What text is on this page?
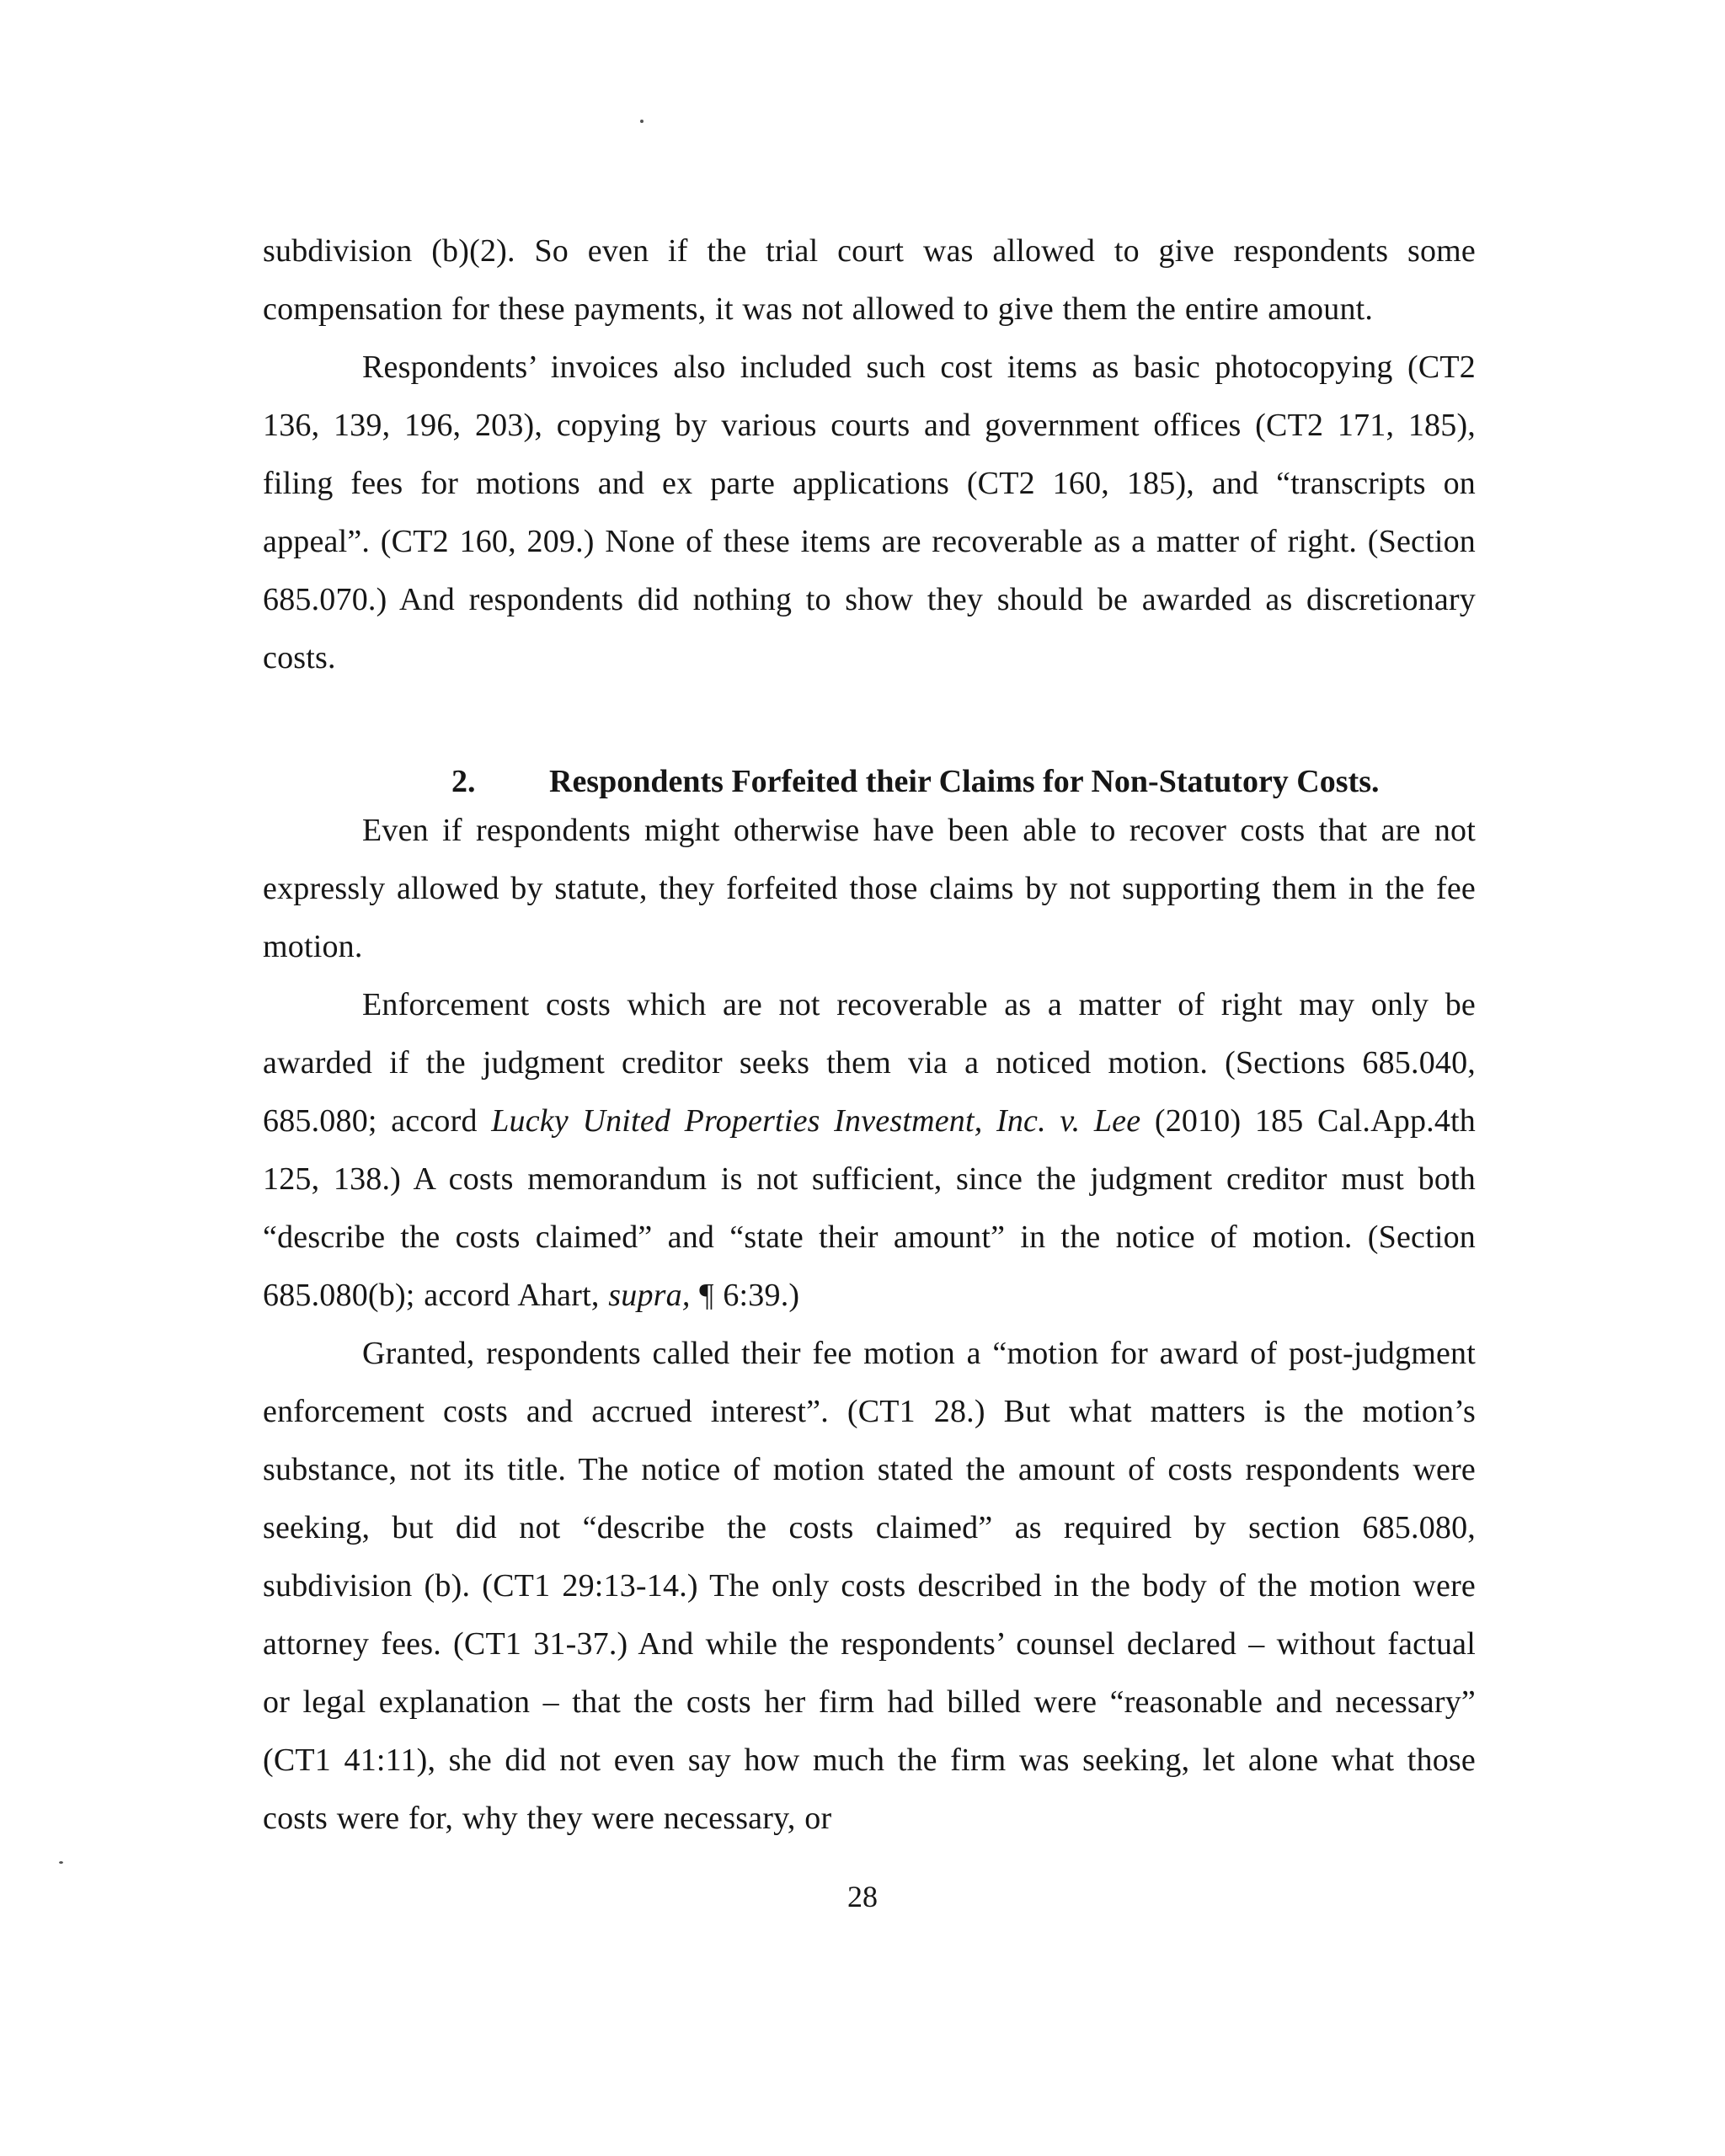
subdivision (b)(2). So even if the trial court was allowed to give respondents some compensation for these payments, it was not allowed to give them the entire amount.

Respondents’ invoices also included such cost items as basic photocopying (CT2 136, 139, 196, 203), copying by various courts and government offices (CT2 171, 185), filing fees for motions and ex parte applications (CT2 160, 185), and “transcripts on appeal”. (CT2 160, 209.) None of these items are recoverable as a matter of right. (Section 685.070.) And respondents did nothing to show they should be awarded as discretionary costs.

2. Respondents Forfeited their Claims for Non-Statutory Costs.

Even if respondents might otherwise have been able to recover costs that are not expressly allowed by statute, they forfeited those claims by not supporting them in the fee motion.

Enforcement costs which are not recoverable as a matter of right may only be awarded if the judgment creditor seeks them via a noticed motion. (Sections 685.040, 685.080; accord Lucky United Properties Investment, Inc. v. Lee (2010) 185 Cal.App.4th 125, 138.) A costs memorandum is not sufficient, since the judgment creditor must both “describe the costs claimed” and “state their amount” in the notice of motion. (Section 685.080(b); accord Ahart, supra, ¶ 6:39.)

Granted, respondents called their fee motion a “motion for award of post-judgment enforcement costs and accrued interest”. (CT1 28.) But what matters is the motion’s substance, not its title. The notice of motion stated the amount of costs respondents were seeking, but did not “describe the costs claimed” as required by section 685.080, subdivision (b). (CT1 29:13-14.) The only costs described in the body of the motion were attorney fees. (CT1 31-37.) And while the respondents’ counsel declared – without factual or legal explanation – that the costs her firm had billed were “reasonable and necessary” (CT1 41:11), she did not even say how much the firm was seeking, let alone what those costs were for, why they were necessary, or

28
